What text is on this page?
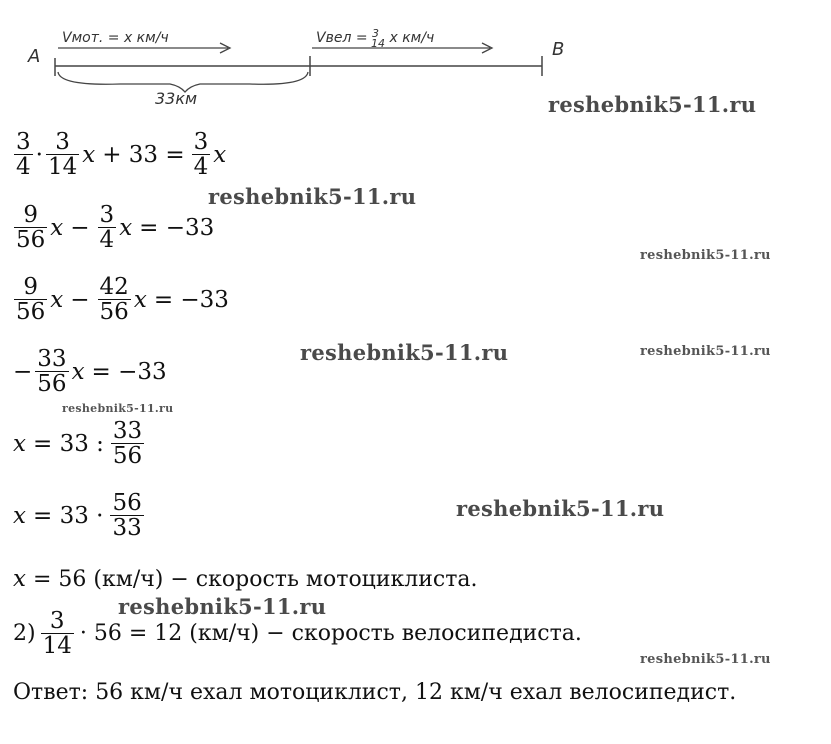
A	B
Vмот. = x км/ч	Vвел = $^3$ 14 x км/ч
33км	reshebnik5-11.ru
reshebnik5-11.ru
reshebnik5-11.ru
reshebnik5-11.ru	reshebnik5-11.ru
reshebnik5-11.ru
reshebnik5-11.ru
reshebnik5-11.ru
reshebnik5-11.ru
$\frac{3}{4} \cdot \frac{3}{14}$ $x + 33 = \frac{3}{4}$ x
$\frac{9}{56}$ $x - \frac{3}{4}$ x = −33
$\frac{9}{56}$ $x - \frac{42}{56}$ x = −33
− $\frac{33}{56}$ x = −33
x = 33 : $\frac{33}{56}$
$x = 33 \cdot \frac{56}{33}$
x = 56 (км/ч) − скорость мотоциклиста.
$2) \frac{3}{14} \cdot 56 = 12$ (км/ч) − скорость велосипедиста.
Ответ: 56 км/ч ехал мотоциклист, 12 км/ч ехал велосипедист.
